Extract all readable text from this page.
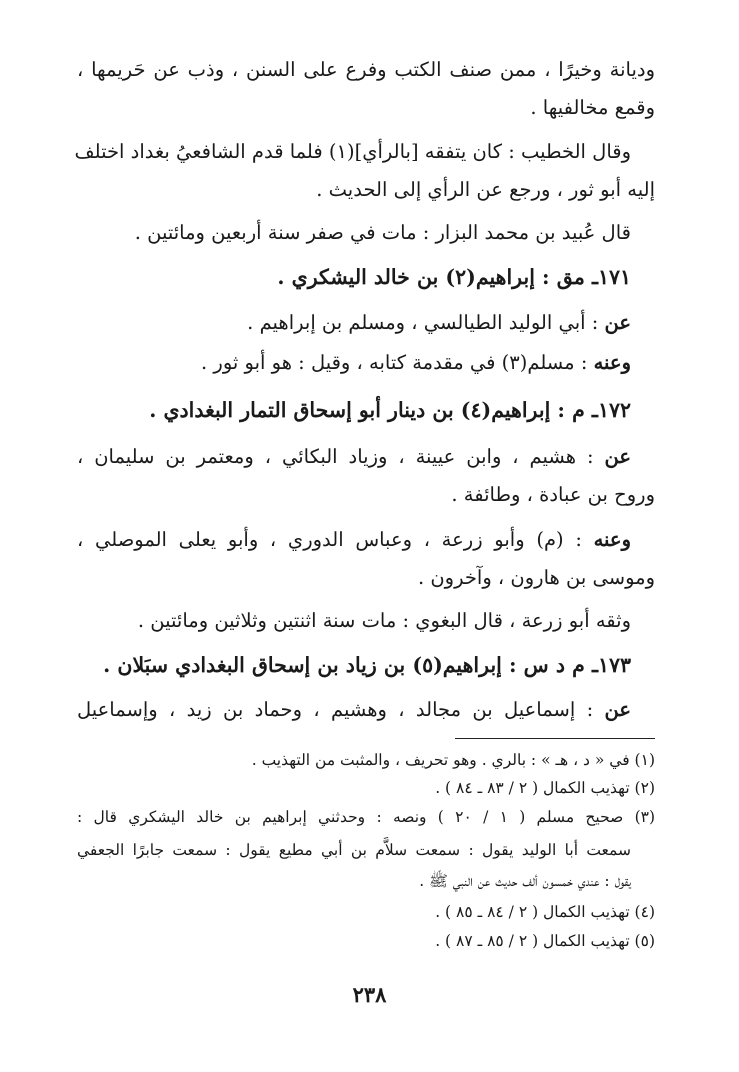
وديانة وخيرًا ، ممن صنف الكتب وفرع على السنن ، وذب عن حَريمها ،
وقمع مخالفيها .
وقال الخطيب : كان يتفقه [بالرأي](١) فلما قدم الشافعيُ بغداد اختلف
إليه أبو ثور ، ورجع عن الرأي إلى الحديث .
قال عُبيد بن محمد البزار : مات في صفر سنة أربعين ومائتين .
١٧١ـ مق : إبراهيم(٢) بن خالد اليشكري .
عن : أبي الوليد الطيالسي ، ومسلم بن إبراهيم .
وعنه : مسلم(٣) في مقدمة كتابه ، وقيل : هو أبو ثور .
١٧٢ـ م : إبراهيم(٤) بن دينار أبو إسحاق التمار البغدادي .
عن : هشيم ، وابن عيينة ، وزياد البكائي ، ومعتمر بن سليمان ،
وروح بن عبادة ، وطائفة .
وعنه : (م) وأبو زرعة ، وعباس الدوري ، وأبو يعلى الموصلي ،
وموسى بن هارون ، وآخرون .
وثقه أبو زرعة ، قال البغوي : مات سنة اثنتين وثلاثين ومائتين .
١٧٣ـ م د س : إبراهيم(٥) بن زياد بن إسحاق البغدادي سبَلان .
عن : إسماعيل بن مجالد ، وهشيم ، وحماد بن زيد ، وإسماعيل
(١) في « د ، هـ » : بالري . وهو تحريف ، والمثبت من التهذيب .
(٢) تهذيب الكمال ( ٢ / ٨٣ ـ ٨٤ ) .
(٣) صحيح مسلم ( ١ / ٢٠ ) ونصه : وحدثني إبراهيم بن خالد اليشكري قال :
سمعت أبا الوليد يقول : سمعت سلاَّم بن أبي مطيع يقول : سمعت جابرًا الجعفي
يقول : عندي خمسون ألف حديث عن النبي ﷺ .
(٤) تهذيب الكمال ( ٢ / ٨٤ ـ ٨٥ ) .
(٥) تهذيب الكمال ( ٢ / ٨٥ ـ ٨٧ ) .
٢٣٨
